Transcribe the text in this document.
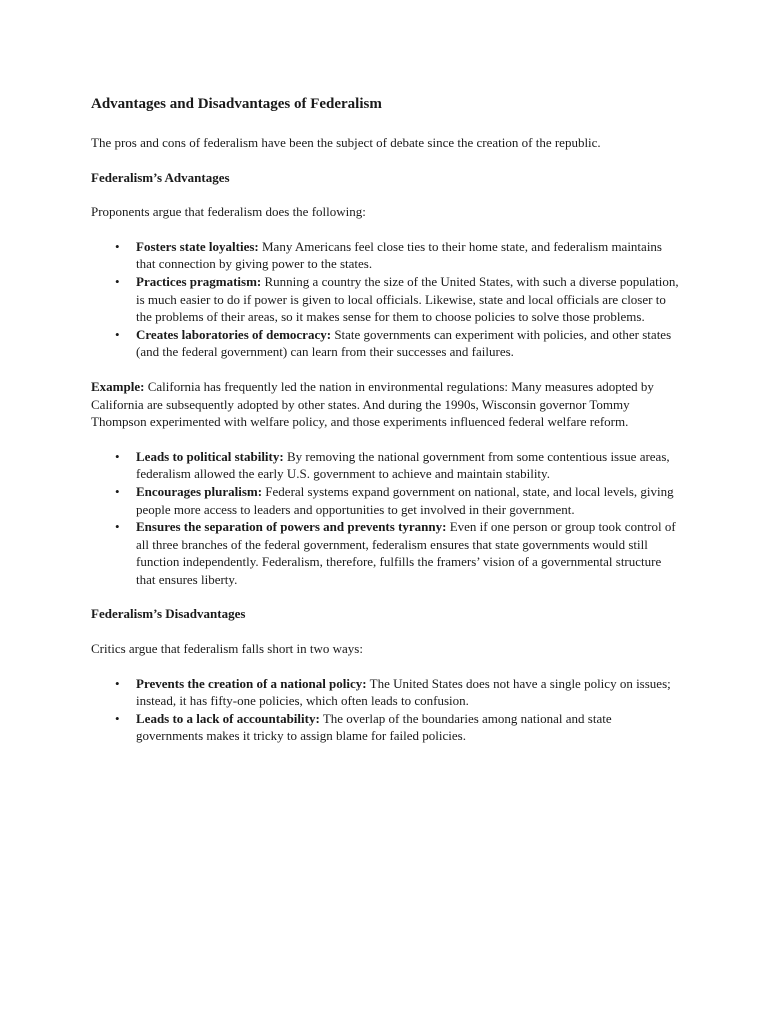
Advantages and Disadvantages of Federalism

The pros and cons of federalism have been the subject of debate since the creation of the republic.

Federalism’s Advantages

Proponents argue that federalism does the following:

• Fosters state loyalties: Many Americans feel close ties to their home state, and federalism maintains that connection by giving power to the states.
• Practices pragmatism: Running a country the size of the United States, with such a diverse population, is much easier to do if power is given to local officials. Likewise, state and local officials are closer to the problems of their areas, so it makes sense for them to choose policies to solve those problems.
• Creates laboratories of democracy: State governments can experiment with policies, and other states (and the federal government) can learn from their successes and failures.

Example: California has frequently led the nation in environmental regulations: Many measures adopted by California are subsequently adopted by other states. And during the 1990s, Wisconsin governor Tommy Thompson experimented with welfare policy, and those experiments influenced federal welfare reform.

• Leads to political stability: By removing the national government from some contentious issue areas, federalism allowed the early U.S. government to achieve and maintain stability.
• Encourages pluralism: Federal systems expand government on national, state, and local levels, giving people more access to leaders and opportunities to get involved in their government.
• Ensures the separation of powers and prevents tyranny: Even if one person or group took control of all three branches of the federal government, federalism ensures that state governments would still function independently. Federalism, therefore, fulfills the framers’ vision of a governmental structure that ensures liberty.
Federalism’s Disadvantages

Critics argue that federalism falls short in two ways:

• Prevents the creation of a national policy: The United States does not have a single policy on issues; instead, it has fifty-one policies, which often leads to confusion.
• Leads to a lack of accountability: The overlap of the boundaries among national and state governments makes it tricky to assign blame for failed policies.
